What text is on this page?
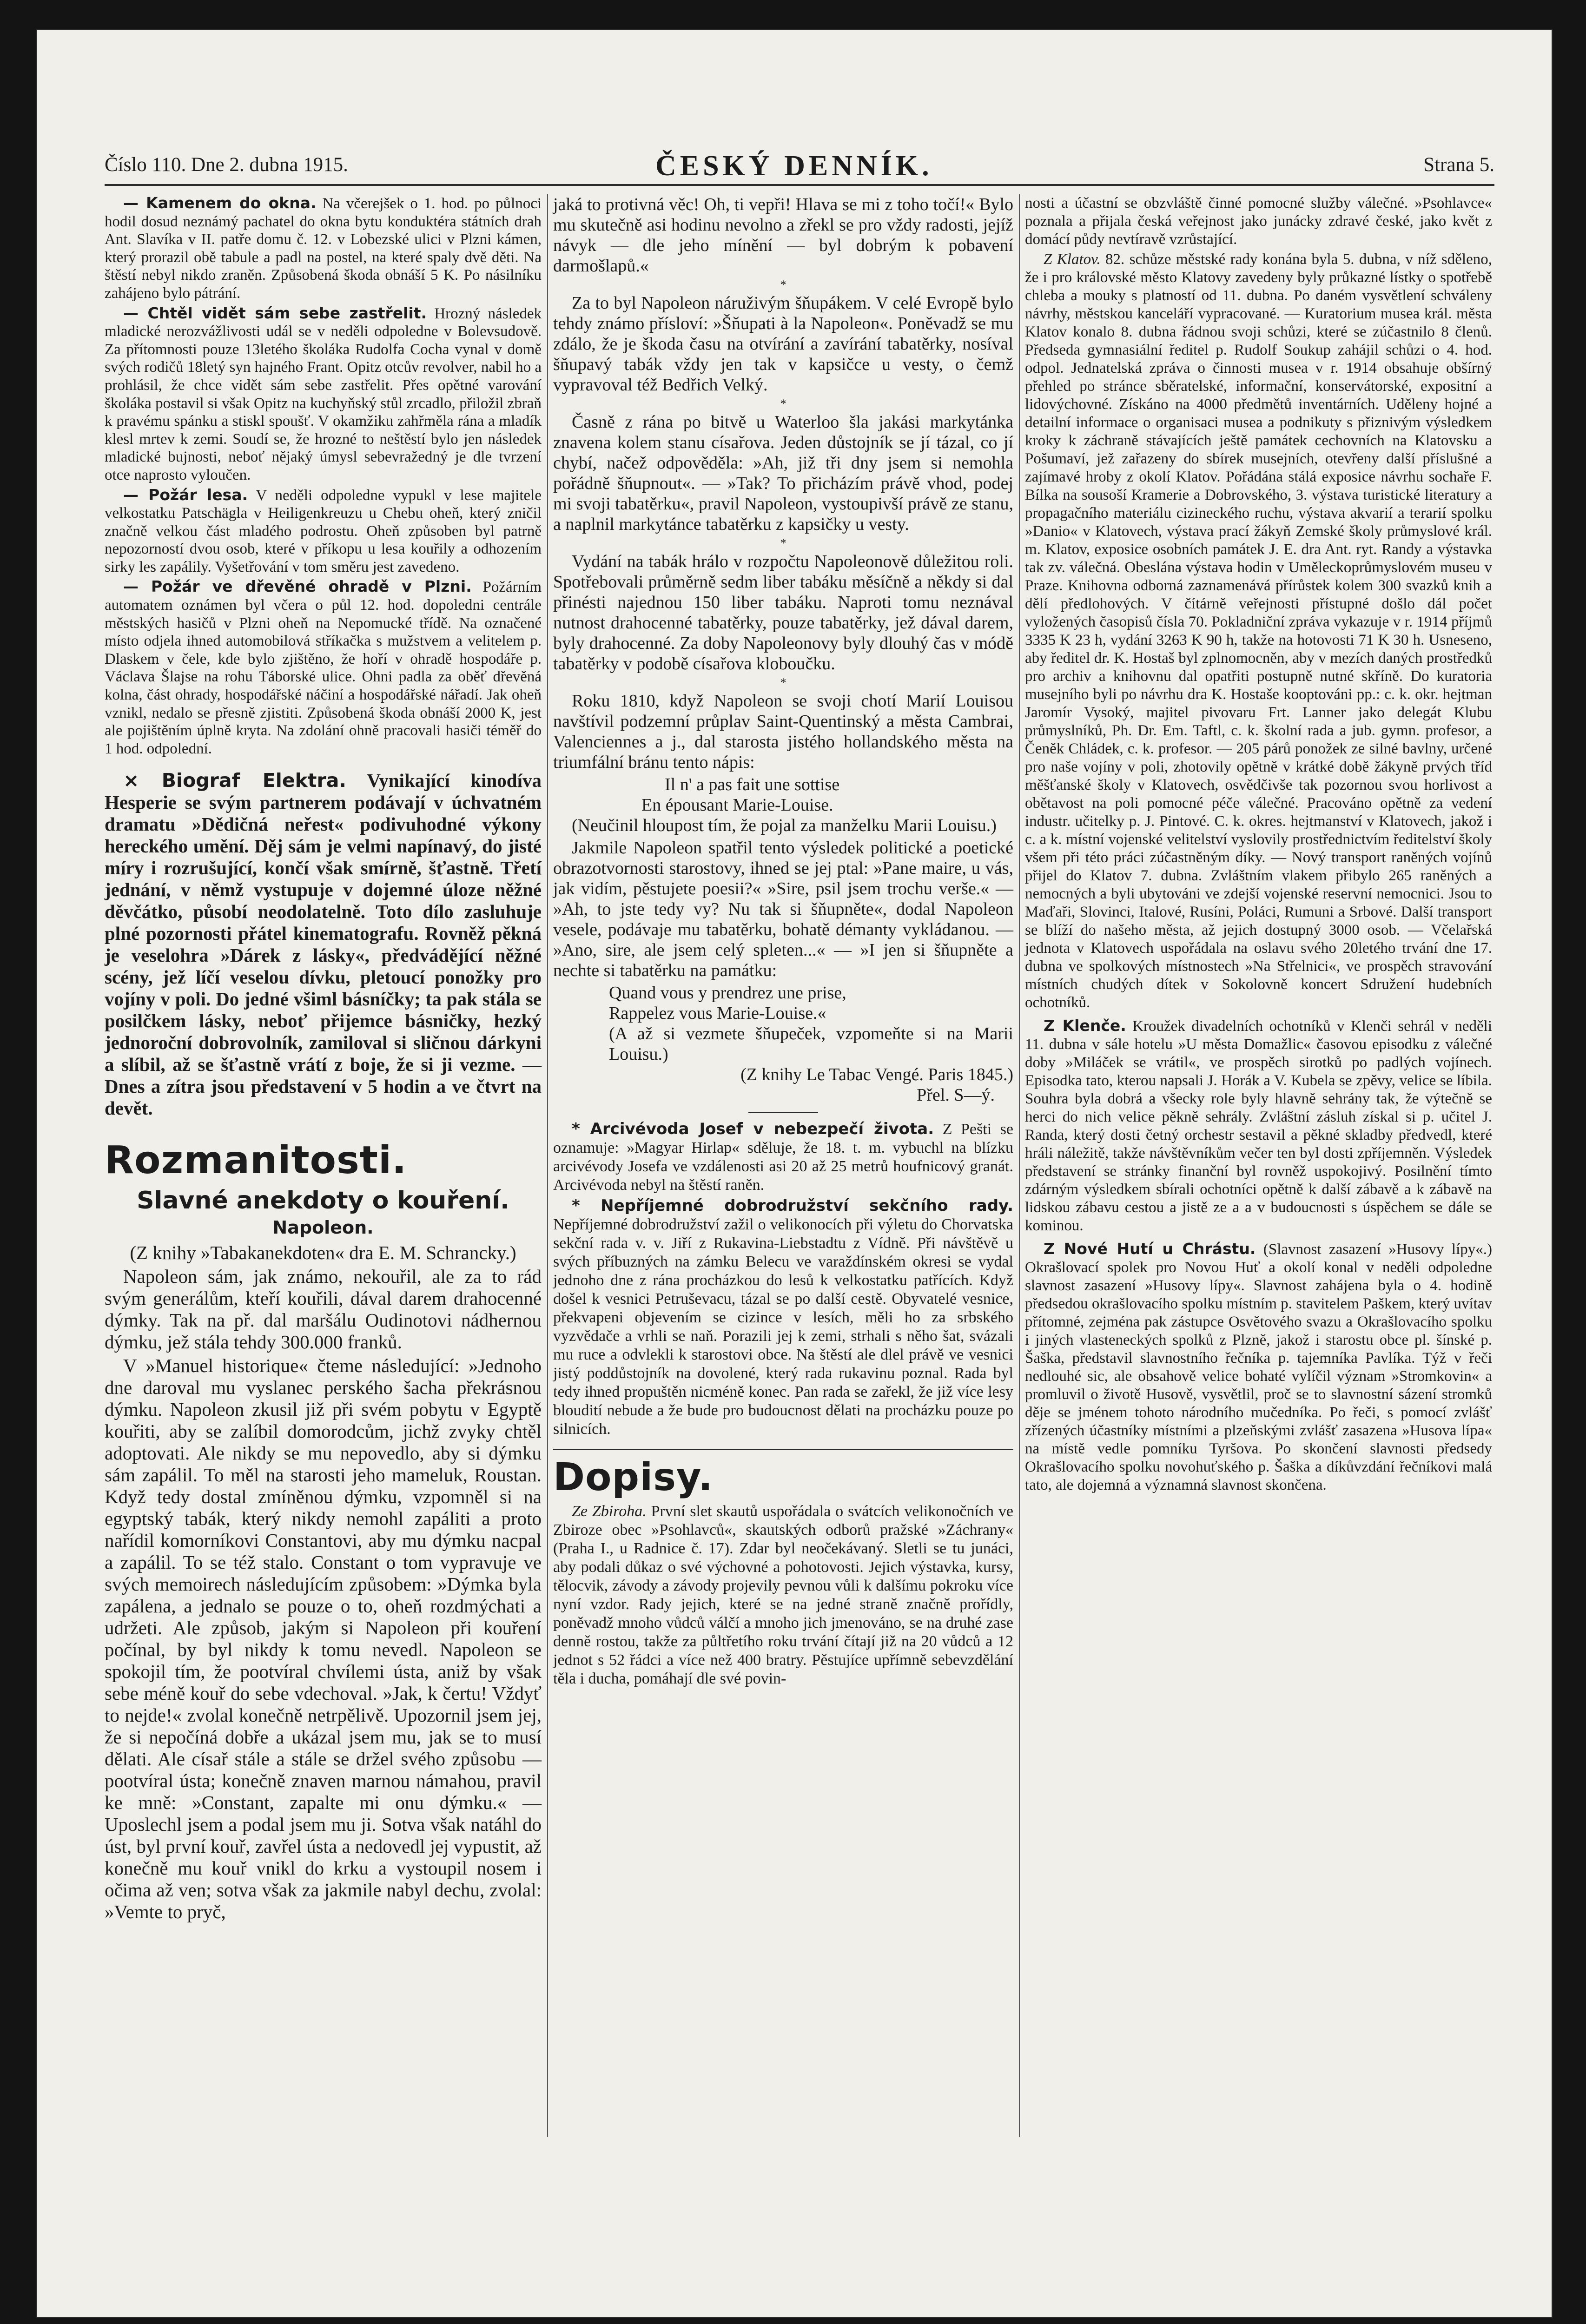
Číslo 110. Dne 2. dubna 1915.	ČESKÝ DENNÍK.	Strana 5.

— Kamenem do okna. Na včerejšek o 1. hod. po půlnoci hodil dosud neznámý pachatel do okna bytu konduktéra státních drah Ant. Slavíka v II. patře domu č. 12. v Lobezské ulici v Plzni kámen, který prorazil obě tabule a padl na postel, na které spaly dvě děti. Na štěstí nebyl nikdo zraněn. Způsobená škoda obnáší 5 K. Po násilníku zahájeno bylo pátrání.

— Chtěl vidět sám sebe zastřelit. Hrozný následek mladické nerozvážlivosti udál se v neděli odpoledne v Bolevsudově. Za přítomnosti pouze 13letého školáka Rudolfa Cocha vynal v domě svých rodičů 18letý syn hajného Frant. Opitz otcův revolver, nabil ho a prohlásil, že chce vidět sám sebe zastřelit. Přes opětné varování školáka postavil si však Opitz na kuchyňský stůl zrcadlo, přiložil zbraň k pravému spánku a stiskl spoušť. V okamžiku zahřměla rána a mladík klesl mrtev k zemi. Soudí se, že hrozné to neštěstí bylo jen následek mladické bujnosti, neboť nějaký úmysl sebevražedný je dle tvrzení otce naprosto vyloučen.

— Požár lesa. V neděli odpoledne vypukl v lese majitele velkostatku Patschägla v Heiligenkreuzu u Chebu oheň, který zničil značně velkou část mladého podrostu. Oheň způsoben byl patrně nepozorností dvou osob, které v příkopu u lesa kouřily a odhozením sirky les zapálily. Vyšetřování v tom směru jest zavedeno.

— Požár ve dřevěné ohradě v Plzni. Požárním automatem oznámen byl včera o půl 12. hod. dopoledni centrále městských hasičů v Plzni oheň na Nepomucké třídě. Na označené místo odjela ihned automobilová stříkačka s mužstvem a velitelem p. Dlaskem v čele, kde bylo zjištěno, že hoří v ohradě hospodáře p. Václava Šlajse na rohu Táborské ulice. Ohni padla za oběť dřevěná kolna, část ohrady, hospodářské náčiní a hospodářské nářadí. Jak oheň vznikl, nedalo se přesně zjistiti. Způsobená škoda obnáší 2000 K, jest ale pojištěním úplně kryta. Na zdolání ohně pracovali hasiči téměř do 1 hod. odpolední.

× Biograf Elektra. Vynikající kinodíva Hesperie se svým partnerem podávají v úchvatném dramatu »Dědičná neřest« podivuhodné výkony hereckého umění. Děj sám je velmi napínavý, do jisté míry i rozrušující, končí však smírně, šťastně. Třetí jednání, v němž vystupuje v dojemné úloze něžné děvčátko, působí neodolatelně. Toto dílo zasluhuje plné pozornosti přátel kinematografu. Rovněž pěkná je veselohra »Dárek z lásky«, předvádějící něžné scény, jež líčí veselou dívku, pletoucí ponožky pro vojíny v poli. Do jedné všiml básníčky; ta pak stála se posilčkem lásky, neboť přijemce básničky, hezký jednoroční dobrovolník, zamiloval si sličnou dárkyni a slíbil, až se šťastně vrátí z boje, že si ji vezme. — Dnes a zítra jsou představení v 5 hodin a ve čtvrt na devět.

Rozmanitosti.

Slavné anekdoty o kouření.

Napoleon.

(Z knihy »Tabakanekdoten« dra E. M. Schrancky.)

Napoleon sám, jak známo, nekouřil, ale za to rád svým generálům, kteří kouřili, dával darem drahocenné dýmky. Tak na př. dal maršálu Oudinotovi nádhernou dýmku, jež stála tehdy 300.000 franků.

V »Manuel historique« čteme následující: »Jednoho dne daroval mu vyslanec perského šacha překrásnou dýmku. Napoleon zkusil již při svém pobytu v Egyptě kouřiti, aby se zalíbil domorodcům, jichž zvyky chtěl adoptovati. Ale nikdy se mu nepovedlo, aby si dýmku sám zapálil. To měl na starosti jeho mameluk, Roustan. Když tedy dostal zmíněnou dýmku, vzpomněl si na egyptský tabák, který nikdy nemohl zapáliti a proto nařídil komorníkovi Constantovi, aby mu dýmku nacpal a zapálil. To se též stalo. Constant o tom vypravuje ve svých memoirech následujícím způsobem: »Dýmka byla zapálena, a jednalo se pouze o to, oheň rozdmýchati a udržeti. Ale způsob, jakým si Napoleon při kouření počínal, by byl nikdy k tomu nevedl. Napoleon se spokojil tím, že pootvíral chvílemi ústa, aniž by však sebe méně kouř do sebe vdechoval. »Jak, k čertu! Vždyť to nejde!« zvolal konečně netrpělivě. Upozornil jsem jej, že si nepočíná dobře a ukázal jsem mu, jak se to musí dělati. Ale císař stále a stále se držel svého způsobu — pootvíral ústa; konečně znaven marnou námahou, pravil ke mně: »Constant, zapalte mi onu dýmku.« — Uposlechl jsem a podal jsem mu ji. Sotva však natáhl do úst, byl první kouř, zavřel ústa a nedovedl jej vypustit, až konečně mu kouř vnikl do krku a vystoupil nosem i očima až ven; sotva však za jakmile nabyl dechu, zvolal: »Vemte to pryč,

jaká to protivná věc! Oh, ti vepři! Hlava se mi z toho točí!« Bylo mu skutečně asi hodinu nevolno a zřekl se pro vždy radosti, jejíž návyk — dle jeho mínění — byl dobrým k pobavení darmošlapů.«

*

Za to byl Napoleon náruživým šňupákem. V celé Evropě bylo tehdy známo přísloví: »Šňupati à la Napoleon«. Poněvadž se mu zdálo, že je škoda času na otvírání a zavírání tabatěrky, nosíval šňupavý tabák vždy jen tak v kapsičce u vesty, o čemž vypravoval též Bedřich Velký.

*

Časně z rána po bitvě u Waterloo šla jakási markytánka znavena kolem stanu císařova. Jeden důstojník se jí tázal, co jí chybí, načež odpověděla: »Ah, již tři dny jsem si nemohla pořádně šňupnout«. — »Tak? To přicházím právě vhod, podej mi svoji tabatěrku«, pravil Napoleon, vystoupivší právě ze stanu, a naplnil markytánce tabatěrku z kapsičky u vesty.

*

Vydání na tabák hrálo v rozpočtu Napoleonově důležitou roli. Spotřebovali průměrně sedm liber tabáku měsíčně a někdy si dal přinésti najednou 150 liber tabáku. Naproti tomu neznával nutnost drahocenné tabatěrky, pouze tabatěrky, jež dával darem, byly drahocenné. Za doby Napoleonovy byly dlouhý čas v módě tabatěrky v podobě císařova kloboučku.

*

Roku 1810, když Napoleon se svoji chotí Marií Louisou navštívil podzemní průplav Saint-Quentinský a města Cambrai, Valenciennes a j., dal starosta jistého hollandského města na triumfální bránu tento nápis:

Il n' a pas fait une sottise

En épousant Marie-Louise.

(Neučinil hloupost tím, že pojal za manželku Marii Louisu.)

Jakmile Napoleon spatřil tento výsledek politické a poetické obrazotvornosti starostovy, ihned se jej ptal: »Pane maire, u vás, jak vidím, pěstujete poesii?« »Sire, psil jsem trochu verše.« — »Ah, to jste tedy vy? Nu tak si šňupněte«, dodal Napoleon vesele, podávaje mu tabatěrku, bohatě démanty vykládanou. — »Ano, sire, ale jsem celý spleten...« — »I jen si šňupněte a nechte si tabatěrku na památku:

Quand vous y prendrez une prise,

Rappelez vous Marie-Louise.«

(A až si vezmete šňupeček, vzpomeňte si na Marii Louisu.)

(Z knihy Le Tabac Vengé. Paris 1845.)

Přel. S—ý.

* Arcivévoda Josef v nebezpečí života. Z Pešti se oznamuje: »Magyar Hirlap« sděluje, že 18. t. m. vybuchl na blízku arcivévody Josefa ve vzdálenosti asi 20 až 25 metrů houfnicový granát. Arcivévoda nebyl na štěstí raněn.

* Nepříjemné dobrodružství sekčního rady. Nepříjemné dobrodružství zažil o velikonocích při výletu do Chorvatska sekční rada v. v. Jiří z Rukavina-Liebstadtu z Vídně. Při návštěvě u svých příbuzných na zámku Belecu ve varaždínském okresi se vydal jednoho dne z rána procházkou do lesů k velkostatku patřících. Když došel k vesnici Petruševacu, tázal se po další cestě. Obyvatelé vesnice, překvapeni objevením se cizince v lesích, měli ho za srbského vyzvědače a vrhli se naň. Porazili jej k zemi, strhali s něho šat, svázali mu ruce a odvlekli k starostovi obce. Na štěstí ale dlel právě ve vesnici jistý poddůstojník na dovolené, který rada rukavinu poznal. Rada byl tedy ihned propuštěn nicméně konec. Pan rada se zařekl, že již více lesy bloudití nebude a že bude pro budoucnost dělati na procházku pouze po silnicích.

Dopisy.

Ze Zbiroha. První slet skautů uspořádala o svátcích velikonočních ve Zbiroze obec »Psohlavců«, skautských odborů pražské »Záchrany« (Praha I., u Radnice č. 17). Zdar byl neočekávaný. Sletli se tu junáci, aby podali důkaz o své výchovné a pohotovosti. Jejich výstavka, kursy, tělocvik, závody a závody projevily pevnou vůli k dalšímu pokroku více nyní vzdor. Rady jejich, které se na jedné straně značně prořídly, poněvadž mnoho vůdců válčí a mnoho jich jmenováno, se na druhé zase denně rostou, takže za půltřetího roku trvání čítají již na 20 vůdců a 12 jednot s 52 řádci a více než 400 bratry. Pěstujíce upřímně sebevzdělání těla i ducha, pomáhají dle své povin-

nosti a účastní se obzvláště činné pomocné služby válečné. »Psohlavce« poznala a přijala česká veřejnost jako junácky zdravé české, jako květ z domácí půdy nevtíravě vzrůstající.

Z Klatov. 82. schůze městské rady konána byla 5. dubna, v níž sděleno, že i pro královské město Klatovy zavedeny byly průkazné lístky o spotřebě chleba a mouky s platností od 11. dubna. Po daném vysvětlení schváleny návrhy, městskou kanceláří vypracované. — Kuratorium musea král. města Klatov konalo 8. dubna řádnou svoji schůzi, které se zúčastnilo 8 členů. Předseda gymnasiální ředitel p. Rudolf Soukup zahájil schůzi o 4. hod. odpol. Jednatelská zpráva o činnosti musea v r. 1914 obsahuje obšírný přehled po stránce sběratelské, informační, konservátorské, expositní a lidovýchovné. Získáno na 4000 předmětů inventárních. Uděleny hojné a detailní informace o organisaci musea a podnikuty s přiznivým výsledkem kroky k záchraně stávajících ještě památek cechovních na Klatovsku a Pošumaví, jež zařazeny do sbírek musejních, otevřeny další příslušné a zajímavé hroby z okolí Klatov. Pořádána stálá exposice návrhu sochaře F. Bílka na sousoší Kramerie a Dobrovského, 3. výstava turistické literatury a propagačního materiálu cizineckého ruchu, výstava akvarií a terarií spolku »Danio« v Klatovech, výstava prací žákyň Zemské školy průmyslové král. m. Klatov, exposice osobních památek J. E. dra Ant. ryt. Randy a výstavka tak zv. válečná. Obeslána výstava hodin v Uměleckoprůmyslovém museu v Praze. Knihovna odborná zaznamenává přírůstek kolem 300 svazků knih a dělí předlohových. V čítárně veřejnosti přístupné došlo dál počet vyložených časopisů čísla 70. Pokladniční zpráva vykazuje v r. 1914 příjmů 3335 K 23 h, vydání 3263 K 90 h, takže na hotovosti 71 K 30 h. Usneseno, aby ředitel dr. K. Hostaš byl zplnomocněn, aby v mezích daných prostředků pro archiv a knihovnu dal opatřiti postupně nutné skříně. Do kuratoria musejního byli po návrhu dra K. Hostaše kooptováni pp.: c. k. okr. hejtman Jaromír Vysoký, majitel pivovaru Frt. Lanner jako delegát Klubu průmyslníků, Ph. Dr. Em. Taftl, c. k. školní rada a jub. gymn. profesor, a Čeněk Chládek, c. k. profesor. — 205 párů ponožek ze silné bavlny, určené pro naše vojíny v poli, zhotovily opětně v krátké době žákyně prvých tříd měšťanské školy v Klatovech, osvědčivše tak pozornou svou horlivost a obětavost na poli pomocné péče válečné. Pracováno opětně za vedení industr. učitelky p. J. Pintové. C. k. okres. hejtmanství v Klatovech, jakož i c. a k. místní vojenské velitelství vyslovily prostřednictvím ředitelství školy všem při této práci zúčastněným díky. — Nový transport raněných vojínů přijel do Klatov 7. dubna. Zvláštním vlakem přibylo 265 raněných a nemocných a byli ubytováni ve zdejší vojenské reservní nemocnici. Jsou to Maďaři, Slovinci, Italové, Rusíni, Poláci, Rumuni a Srbové. Další transport se blíží do našeho města, až jejich dostupný 3000 osob. — Včelařská jednota v Klatovech uspořádala na oslavu svého 20letého trvání dne 17. dubna ve spolkových místnostech »Na Střelnici«, ve prospěch stravování místních chudých dítek v Sokolovně koncert Sdružení hudebních ochotníků.

Z Klenče. Kroužek divadelních ochotníků v Klenči sehrál v neděli 11. dubna v sále hotelu »U města Domažlic« časovou episodku z válečné doby »Miláček se vrátil«, ve prospěch sirotků po padlých vojínech. Episodka tato, kterou napsali J. Horák a V. Kubela se zpěvy, velice se líbila. Souhra byla dobrá a všecky role byly hlavně sehrány tak, že výtečně se herci do nich velice pěkně sehrály. Zvláštní zásluh získal si p. učitel J. Randa, který dosti četný orchestr sestavil a pěkné skladby předvedl, které hráli náležitě, takže návštěvníkům večer ten byl dosti zpříjemněn. Výsledek představení se stránky finanční byl rovněž uspokojivý. Posilnění tímto zdárným výsledkem sbírali ochotníci opětně k další zábavě a k zábavě na lidskou zábavu cestou a jistě ze a a v budoucnosti s úspěchem se dále se kominou.

Z Nové Hutí u Chrástu. (Slavnost zasazení »Husovy lípy«.) Okrašlovací spolek pro Novou Huť a okolí konal v neděli odpoledne slavnost zasazení »Husovy lípy«. Slavnost zahájena byla o 4. hodině předsedou okrašlovacího spolku místním p. stavitelem Paškem, který uvítav přítomné, zejména pak zástupce Osvětového svazu a Okrašlovacího spolku i jiných vlasteneckých spolků z Plzně, jakož i starostu obce pl. šínské p. Šaška, představil slavnostního řečníka p. tajemníka Pavlíka. Týž v řeči nedlouhé sic, ale obsahově velice bohaté vylíčil význam »Stromkovin« a promluvil o životě Husově, vysvětlil, proč se to slavnostní sázení stromků děje se jménem tohoto národního mučedníka. Po řeči, s pomocí zvlášť zřízených účastníky místními a plzeňskými zvlášť zasazena »Husova lípa« na místě vedle pomníku Tyršova. Po skončení slavnosti předsedy Okrašlovacího spolku novohuťského p. Šaška a díkůvzdání řečníkovi malá tato, ale dojemná a významná slavnost skončena.
